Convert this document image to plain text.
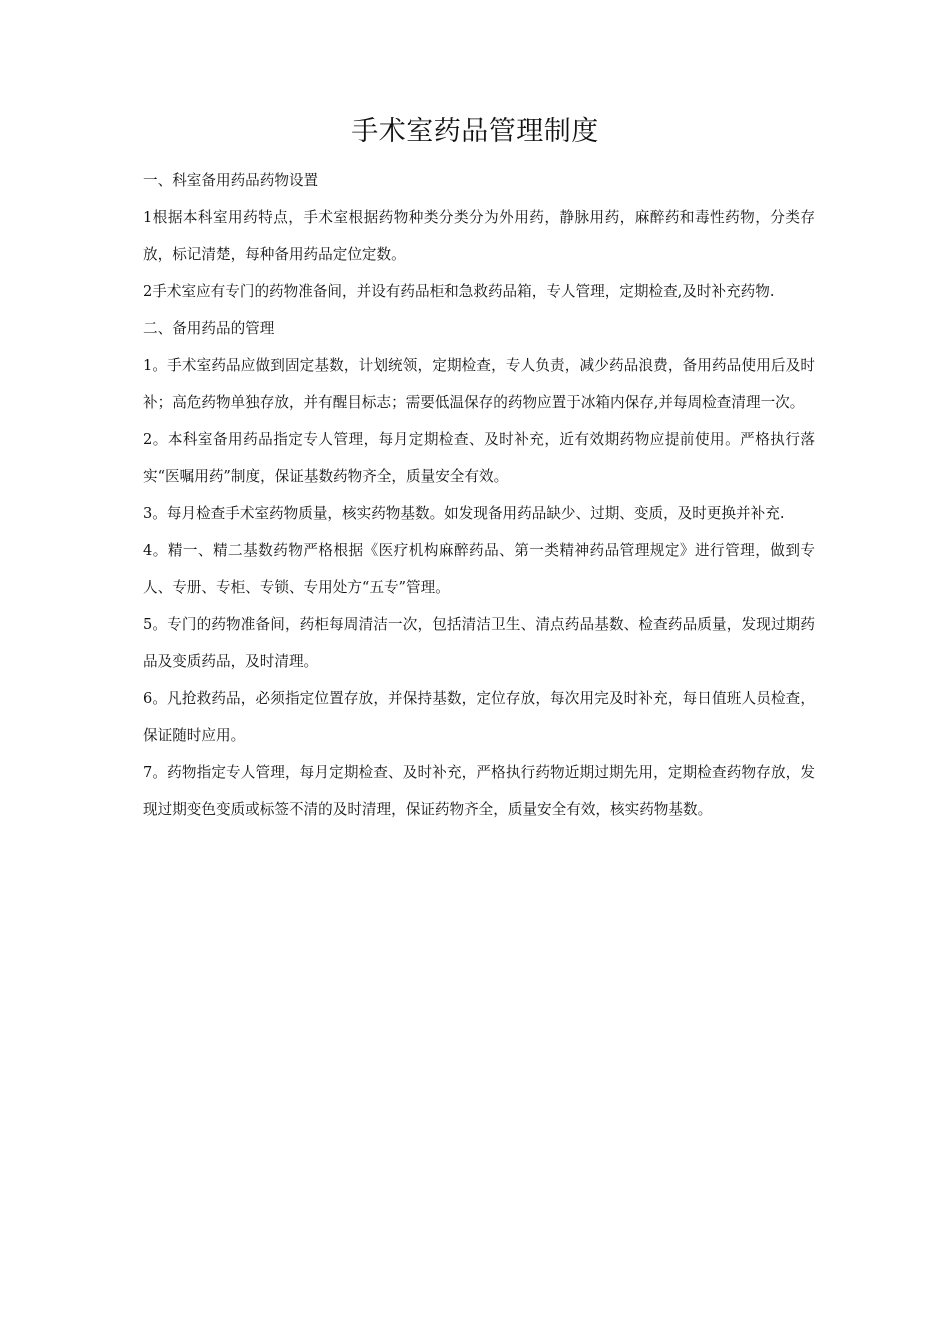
手术室药品管理制度

一、科室备用药品药物设置

1根据本科室用药特点，手术室根据药物种类分类分为外用药，静脉用药，麻醉药和毒性药物，分类存放，标记清楚，每种备用药品定位定数。

2手术室应有专门的药物准备间，并设有药品柜和急救药品箱，专人管理，定期检查,及时补充药物.

二、备用药品的管理

1。手术室药品应做到固定基数，计划统领，定期检查，专人负责，减少药品浪费，备用药品使用后及时补；高危药物单独存放，并有醒目标志；需要低温保存的药物应置于冰箱内保存,并每周检查清理一次。

2。本科室备用药品指定专人管理，每月定期检查、及时补充，近有效期药物应提前使用。严格执行落实“医嘱用药”制度，保证基数药物齐全，质量安全有效。

3。每月检查手术室药物质量，核实药物基数。如发现备用药品缺少、过期、变质，及时更换并补充.

4。精一、精二基数药物严格根据《医疗机构麻醉药品、第一类精神药品管理规定》进行管理，做到专人、专册、专柜、专锁、专用处方“五专”管理。

5。专门的药物准备间，药柜每周清洁一次，包括清洁卫生、清点药品基数、检查药品质量，发现过期药品及变质药品，及时清理。

6。凡抢救药品，必须指定位置存放，并保持基数，定位存放，每次用完及时补充，每日值班人员检查，保证随时应用。

7。药物指定专人管理，每月定期检查、及时补充，严格执行药物近期过期先用，定期检查药物存放，发现过期变色变质或标签不清的及时清理，保证药物齐全，质量安全有效，核实药物基数。
